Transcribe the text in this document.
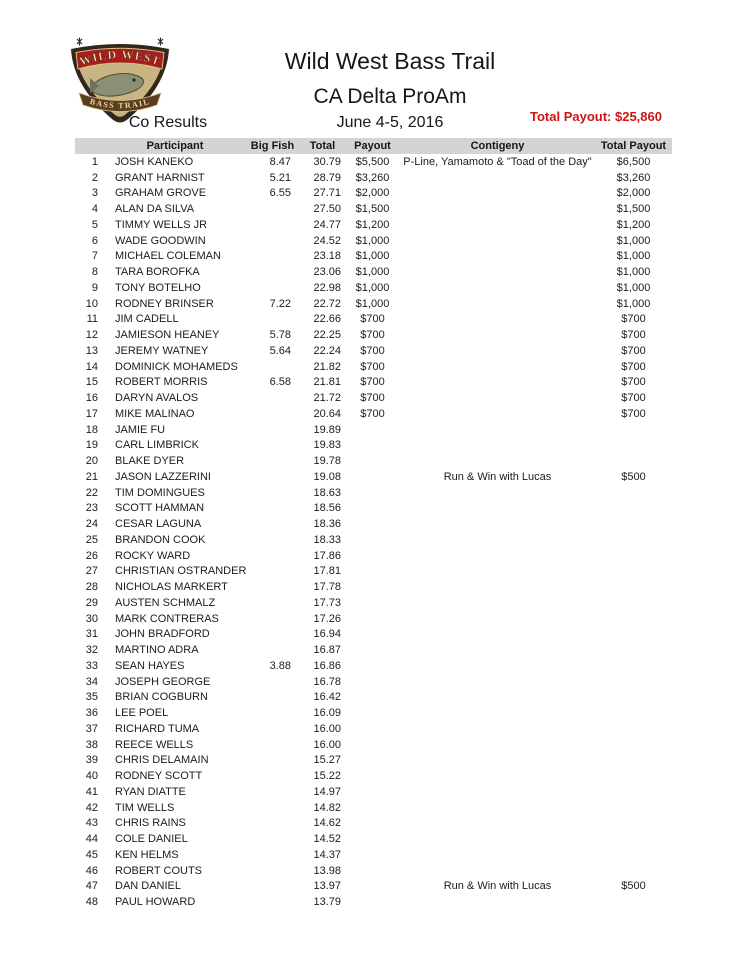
WILD WEST
BASS TRAIL
Wild West Bass Trail
CA Delta ProAm
Co Results	June 4-5, 2016	Total Payout: $25,860
	Participant	Big Fish	Total	Payout	Contigeny	Total Payout
1	JOSH KANEKO	8.47	30.79	$5,500	P-Line, Yamamoto & "Toad of the Day"	$6,500
2	GRANT HARNIST	5.21	28.79	$3,260		$3,260
3	GRAHAM GROVE	6.55	27.71	$2,000		$2,000
4	ALAN DA SILVA		27.50	$1,500		$1,500
5	TIMMY WELLS JR		24.77	$1,200		$1,200
6	WADE GOODWIN		24.52	$1,000		$1,000
7	MICHAEL COLEMAN		23.18	$1,000		$1,000
8	TARA BOROFKA		23.06	$1,000		$1,000
9	TONY BOTELHO		22.98	$1,000		$1,000
10	RODNEY BRINSER	7.22	22.72	$1,000		$1,000
11	JIM CADELL		22.66	$700		$700
12	JAMIESON HEANEY	5.78	22.25	$700		$700
13	JEREMY WATNEY	5.64	22.24	$700		$700
14	DOMINICK MOHAMEDS		21.82	$700		$700
15	ROBERT MORRIS	6.58	21.81	$700		$700
16	DARYN AVALOS		21.72	$700		$700
17	MIKE MALINAO		20.64	$700		$700
18	JAMIE FU		19.89			
19	CARL LIMBRICK		19.83			
20	BLAKE DYER		19.78			
21	JASON LAZZERINI		19.08		Run & Win with Lucas	$500
22	TIM DOMINGUES		18.63			
23	SCOTT HAMMAN		18.56			
24	CESAR LAGUNA		18.36			
25	BRANDON COOK		18.33			
26	ROCKY WARD		17.86			
27	CHRISTIAN OSTRANDER		17.81			
28	NICHOLAS MARKERT		17.78			
29	AUSTEN SCHMALZ		17.73			
30	MARK CONTRERAS		17.26			
31	JOHN BRADFORD		16.94			
32	MARTINO ADRA		16.87			
33	SEAN HAYES	3.88	16.86			
34	JOSEPH GEORGE		16.78			
35	BRIAN COGBURN		16.42			
36	LEE POEL		16.09			
37	RICHARD TUMA		16.00			
38	REECE WELLS		16.00			
39	CHRIS DELAMAIN		15.27			
40	RODNEY SCOTT		15.22			
41	RYAN DIATTE		14.97			
42	TIM WELLS		14.82			
43	CHRIS RAINS		14.62			
44	COLE DANIEL		14.52			
45	KEN HELMS		14.37			
46	ROBERT COUTS		13.98			
47	DAN DANIEL		13.97		Run & Win with Lucas	$500
48	PAUL HOWARD		13.79			
